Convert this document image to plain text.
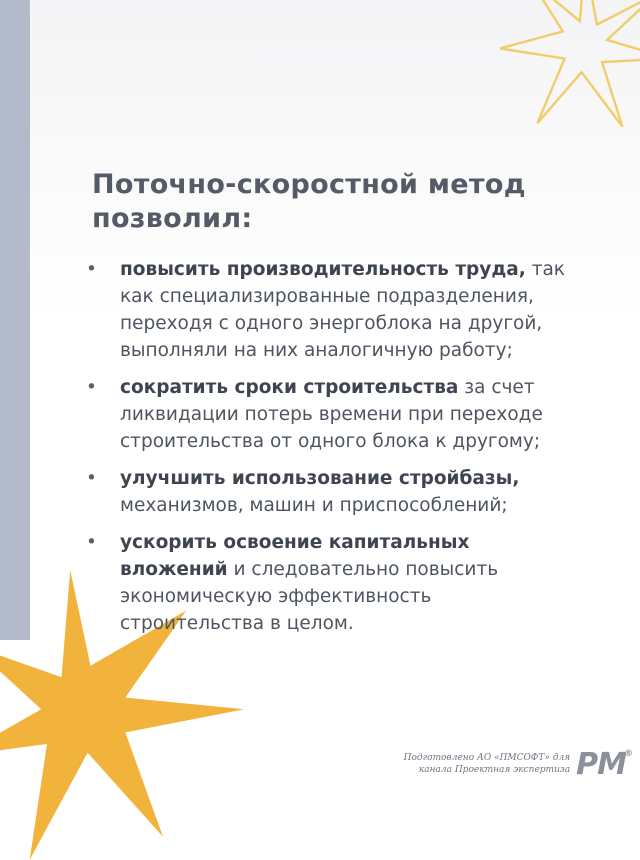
Поточно-скоростной метод позволил:
•	повысить производительность труда, так как специализированные подразделения, переходя с одного энергоблока на другой, выполняли на них аналогичную работу;
•	сократить сроки строительства за счет ликвидации потерь времени при переходе строительства от одного блока к другому;
•	улучшить использование стройбазы, механизмов, машин и приспособлений;
•	ускорить освоение капитальных вложений и следовательно повысить экономическую эффективность строительства в целом.
Подготовлено АО «ПМСОФТ» для
канала Проектная экспертиза PM
®
